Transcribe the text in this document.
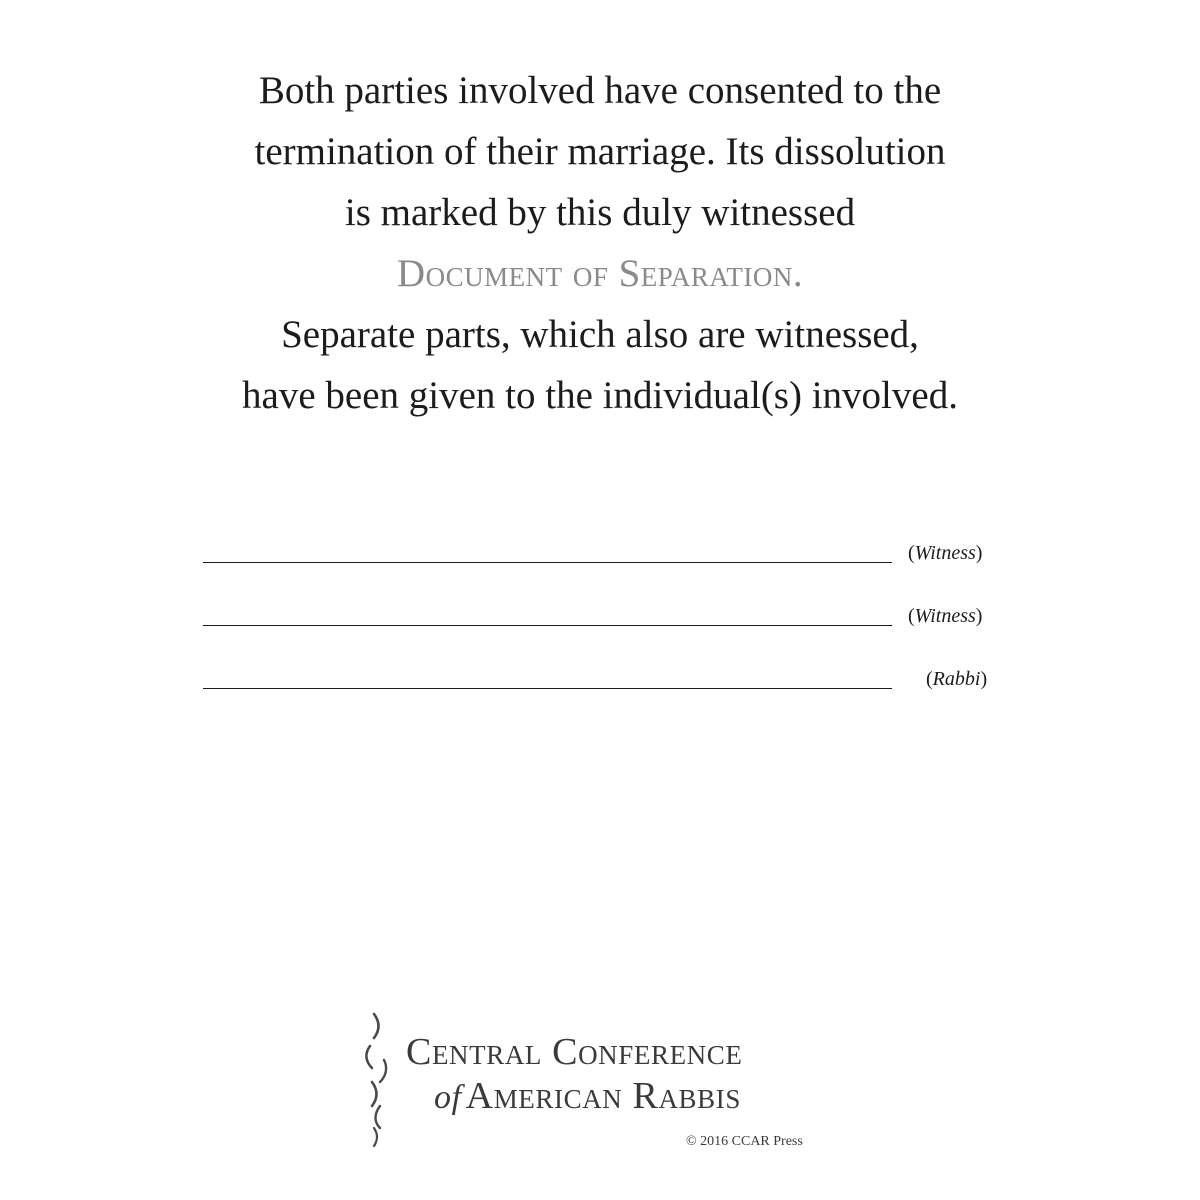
Both parties involved have consented to the
termination of their marriage. Its dissolution
is marked by this duly witnessed
Document of Separation.
Separate parts, which also are witnessed,
have been given to the individual(s) involved.
(Witness)
(Witness)
(Rabbi)
Central Conference
of American Rabbis
© 2016 CCAR Press
